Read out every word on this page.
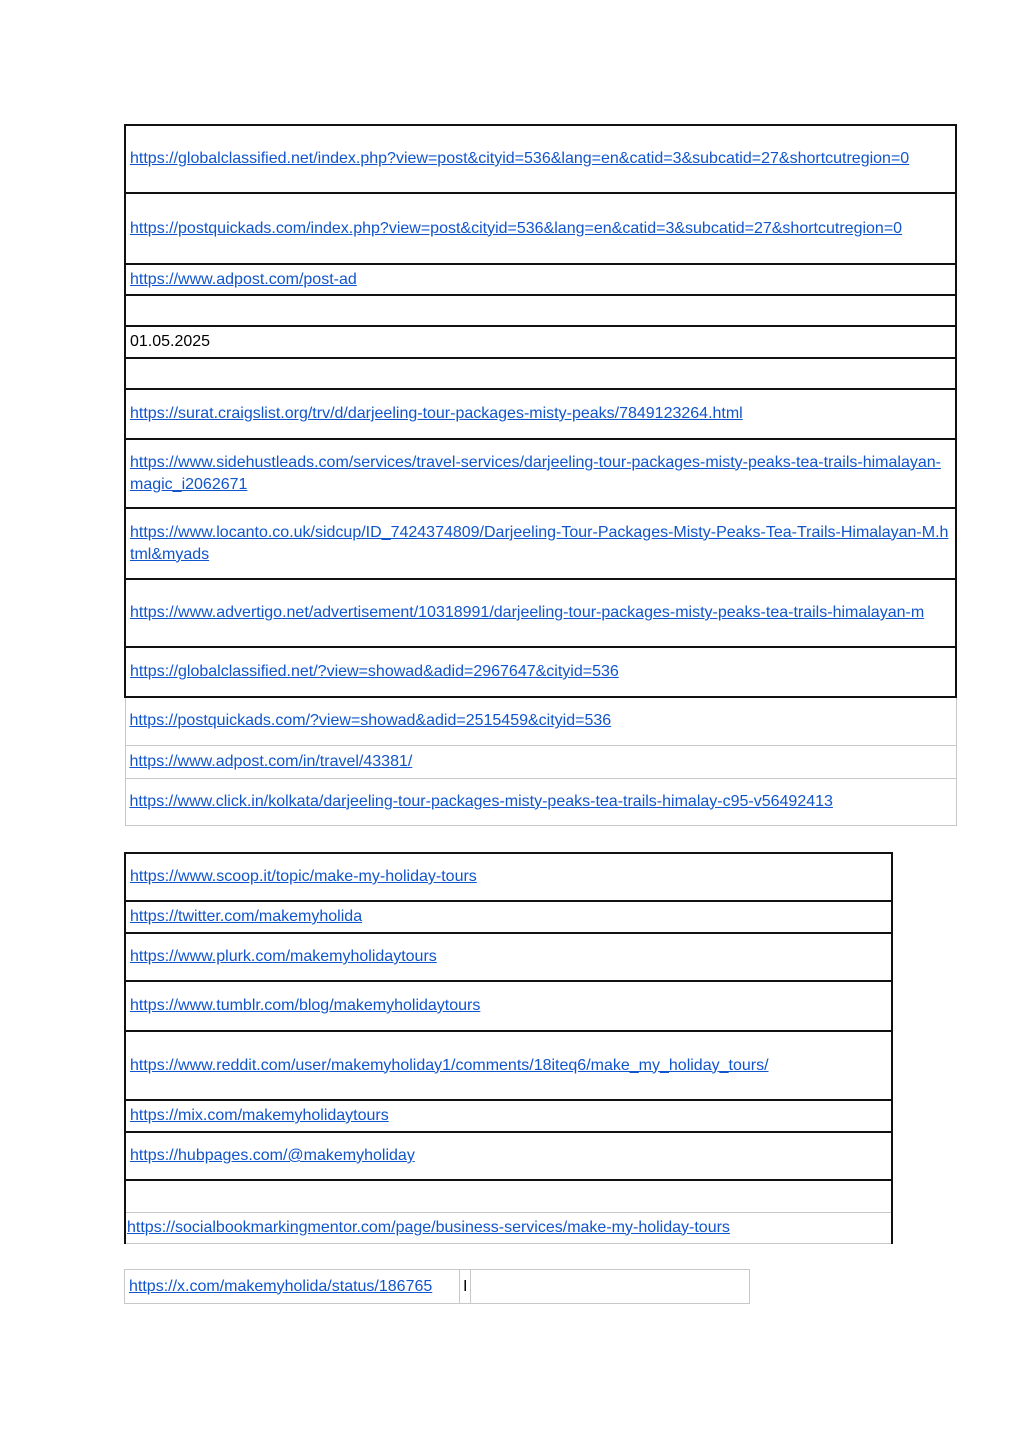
https://globalclassified.net/index.php?view=post&cityid=536&lang=en&catid=3&subcatid=27&shortcutregion=0
https://postquickads.com/index.php?view=post&cityid=536&lang=en&catid=3&subcatid=27&shortcutregion=0
https://www.adpost.com/post-ad

01.05.2025

https://surat.craigslist.org/trv/d/darjeeling-tour-packages-misty-peaks/7849123264.html
https://www.sidehustleads.com/services/travel-services/darjeeling-tour-packages-misty-peaks-tea-trails-himalayan-magic_i2062671
https://www.locanto.co.uk/sidcup/ID_7424374809/Darjeeling-Tour-Packages-Misty-Peaks-Tea-Trails-Himalayan-M.html&myads
https://www.advertigo.net/advertisement/10318991/darjeeling-tour-packages-misty-peaks-tea-trails-himalayan-m
https://globalclassified.net/?view=showad&adid=2967647&cityid=536
https://postquickads.com/?view=showad&adid=2515459&cityid=536
https://www.adpost.com/in/travel/43381/
https://www.click.in/kolkata/darjeeling-tour-packages-misty-peaks-tea-trails-himalay-c95-v56492413
https://www.scoop.it/topic/make-my-holiday-tours
https://twitter.com/makemyholida
https://www.plurk.com/makemyholidaytours
https://www.tumblr.com/blog/makemyholidaytours
https://www.reddit.com/user/makemyholiday1/comments/18iteq6/make_my_holiday_tours/
https://mix.com/makemyholidaytours
https://hubpages.com/@makemyholiday

https://socialbookmarkingmentor.com/page/business-services/make-my-holiday-tours
https://x.com/makemyholida/status/186765	I	
